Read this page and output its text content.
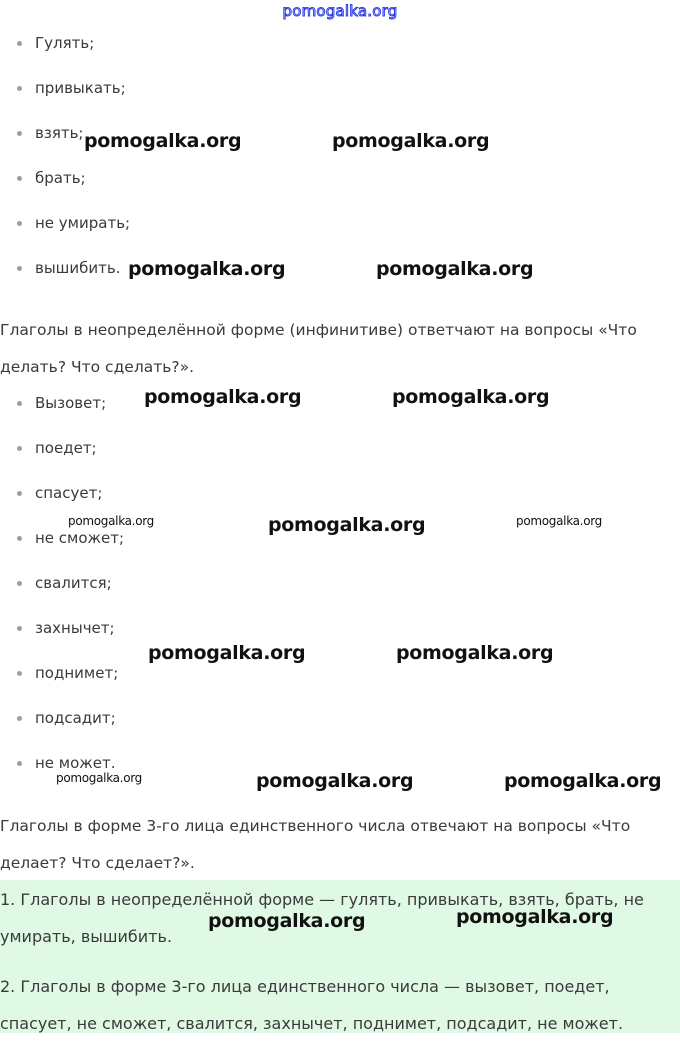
pomogalka.org
Гулять;
привыкать;
взять;
брать;
не умирать;
вышибить.

Глаголы в неопределённой форме (инфинитиве) ответчают на вопросы «Что делать? Что сделать?».

Вызовет;
поедет;
спасует;
не сможет;
свалится;
захнычет;
поднимет;
подсадит;
не может.

Глаголы в форме 3-го лица единственного числа отвечают на вопросы «Что делает? Что сделает?».

1. Глаголы в неопределённой форме — гулять, привыкать, взять, брать, не умирать, вышибить.

2. Глаголы в форме 3-го лица единственного числа — вызовет, поедет, спасует, не сможет, свалится, захнычет, поднимет, подсадит, не может.

pomogalka.org	pomogalka.org
pomogalka.org	pomogalka.org
pomogalka.org	pomogalka.org
pomogalka.org	pomogalka.org	pomogalka.org
pomogalka.org	pomogalka.org
pomogalka.org	pomogalka.org	pomogalka.org
pomogalka.org	pomogalka.org
